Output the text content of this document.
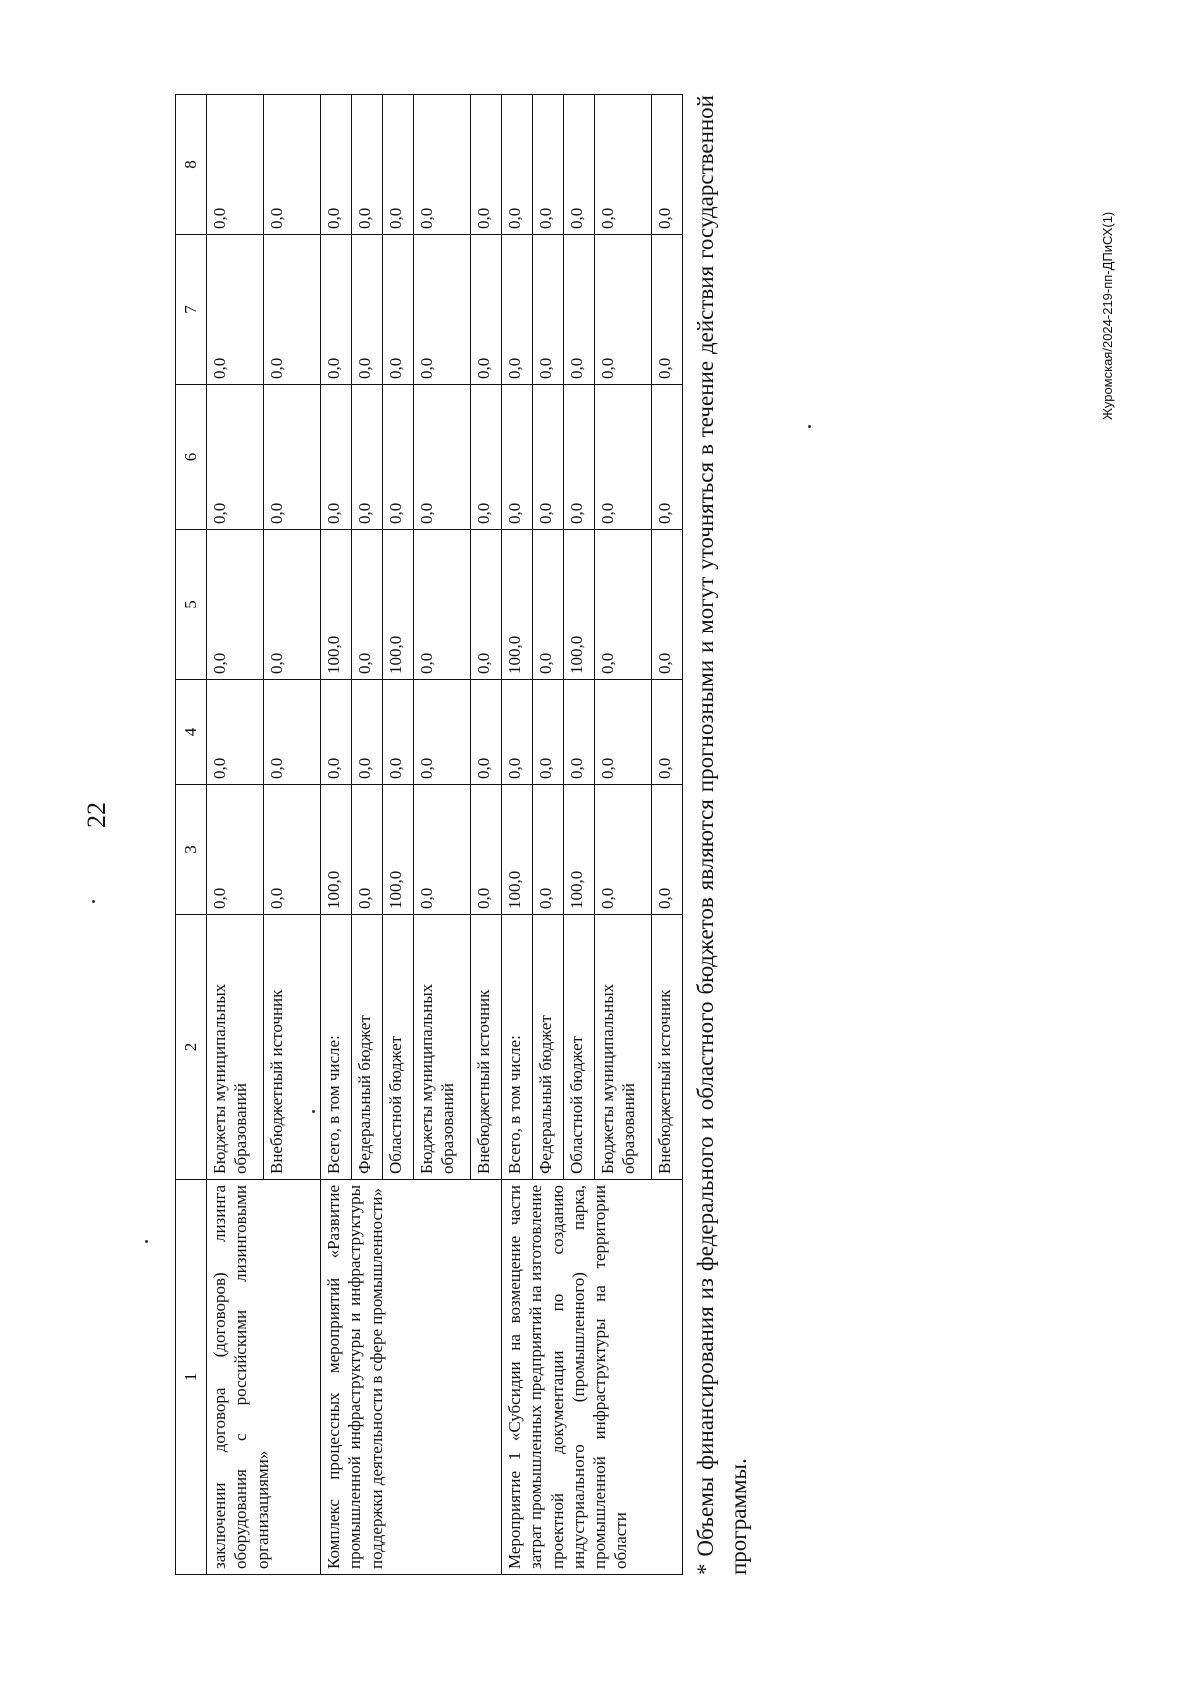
22
1	2	3	4	5	6	7	8
заключении договора (договоров) лизинга оборудования с российскими лизинговыми организациями»	Бюджеты муниципальных образований	0,0	0,0	0,0	0,0	0,0	0,0
	Внебюджетный источник	0,0	0,0	0,0	0,0	0,0	0,0
Комплекс процессных мероприятий «Развитие промышленной инфраструктуры и инфраструктуры поддержки деятельности в сфере промышленности»	Всего, в том числе:	100,0	0,0	100,0	0,0	0,0	0,0
	Федеральный бюджет	0,0	0,0	0,0	0,0	0,0	0,0
	Областной бюджет	100,0	0,0	100,0	0,0	0,0	0,0
	Бюджеты муниципальных образований	0,0	0,0	0,0	0,0	0,0	0,0
	Внебюджетный источник	0,0	0,0	0,0	0,0	0,0	0,0
Мероприятие 1 «Субсидии на возмещение части затрат промышленных предприятий на изготовление проектной документации по созданию индустриального (промышленного) парка, промышленной инфраструктуры на территории области	Всего, в том числе:	100,0	0,0	100,0	0,0	0,0	0,0
	Федеральный бюджет	0,0	0,0	0,0	0,0	0,0	0,0
	Областной бюджет	100,0	0,0	100,0	0,0	0,0	0,0
	Бюджеты муниципальных образований	0,0	0,0	0,0	0,0	0,0	0,0
	Внебюджетный источник	0,0	0,0	0,0	0,0	0,0	0,0 * Объемы финансирования из федерального и областного бюджетов являются прогнозными и могут уточняться в течение действия государственной программы.
Журомская/2024-219-пп-ДПиСХ(1)
